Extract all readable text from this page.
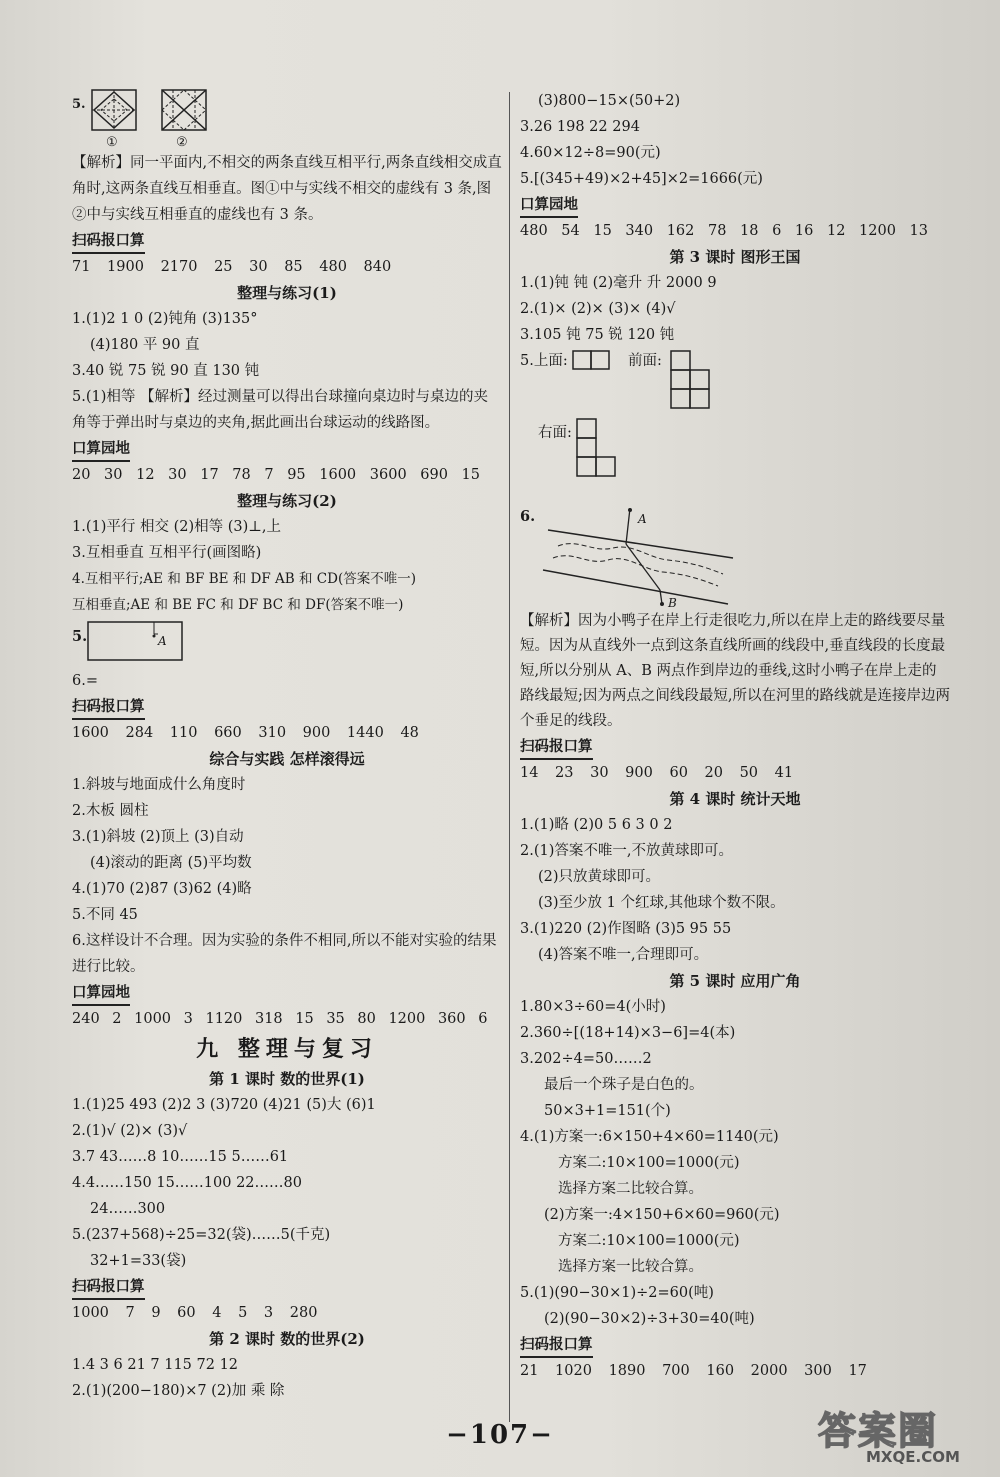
5.
①	②
【解析】同一平面内,不相交的两条直线互相平行,两条直线相交成直角时,这两条直线互相垂直。图①中与实线不相交的虚线有 3 条,图②中与实线互相垂直的虚线也有 3 条。
扫码报口算
71 1900 2170 25 30 85 480 840
整理与练习(1)
1.(1)2 1 0 (2)钝角 (3)135°
(4)180 平 90 直
3.40 锐 75 锐 90 直 130 钝
5.(1)相等 【解析】经过测量可以得出台球撞向桌边时与桌边的夹角等于弹出时与桌边的夹角,据此画出台球运动的线路图。
口算园地
20 30 12 30 17 78 7 95 1600 3600 690 15
整理与练习(2)
1.(1)平行 相交 (2)相等 (3)⊥,上
3.互相垂直 互相平行(画图略)
4.互相平行;AE 和 BF BE 和 DF AB 和 CD(答案不唯一)
互相垂直;AE 和 BE FC 和 DF BC 和 DF(答案不唯一)
5.	A
6.=
扫码报口算
1600 284 110 660 310 900 1440 48
综合与实践 怎样滚得远
1.斜坡与地面成什么角度时
2.木板 圆柱
3.(1)斜坡 (2)顶上 (3)自动
(4)滚动的距离 (5)平均数
4.(1)70 (2)87 (3)62 (4)略
5.不同 45
6.这样设计不合理。因为实验的条件不相同,所以不能对实验的结果进行比较。
口算园地
240 2 1000 3 1120 318 15 35 80 1200 360 6
九 整理与复习
第 1 课时 数的世界(1)
1.(1)25 493 (2)2 3 (3)720 (4)21 (5)大 (6)1
2.(1)√ (2)× (3)√
3.7 43……8 10……15 5……61
4.4……150 15……100 22……80
24……300
5.(237+568)÷25=32(袋)……5(千克)
32+1=33(袋)
扫码报口算
1000 7 9 60 4 5 3 280
第 2 课时 数的世界(2)
1.4 3 6 21 7 115 72 12
2.(1)(200−180)×7 (2)加 乘 除
(3)800−15×(50+2)
3.26 198 22 294
4.60×12÷8=90(元)
5.[(345+49)×2+45]×2=1666(元)
口算园地
480 54 15 340 162 78 18 6 16 12 1200 13
第 3 课时 图形王国
1.(1)钝 钝 (2)毫升 升 2000 9
2.(1)× (2)× (3)× (4)√
3.105 钝 75 锐 120 钝
5.上面:	前面:
右面:
6.	A
B
【解析】因为小鸭子在岸上行走很吃力,所以在岸上走的路线要尽量短。因为从直线外一点到这条直线所画的线段中,垂直线段的长度最短,所以分别从 A、B 两点作到岸边的垂线,这时小鸭子在岸上走的路线最短;因为两点之间线段最短,所以在河里的路线就是连接岸边两个垂足的线段。
扫码报口算
14 23 30 900 60 20 50 41
第 4 课时 统计天地
1.(1)略 (2)0 5 6 3 0 2
2.(1)答案不唯一,不放黄球即可。
(2)只放黄球即可。
(3)至少放 1 个红球,其他球个数不限。
3.(1)220 (2)作图略 (3)5 95 55
(4)答案不唯一,合理即可。
第 5 课时 应用广角
1.80×3÷60=4(小时)
2.360÷[(18+14)×3−6]=4(本)
3.202÷4=50……2
最后一个珠子是白色的。
50×3+1=151(个)
4.(1)方案一:6×150+4×60=1140(元)
方案二:10×100=1000(元)
选择方案二比较合算。
(2)方案一:4×150+6×60=960(元)
方案二:10×100=1000(元)
选择方案一比较合算。
5.(1)(90−30×1)÷2=60(吨)
(2)(90−30×2)÷3+30=40(吨)
扫码报口算
21 1020 1890 700 160 2000 300 17
−107−	答案圈
MXQE.COM
